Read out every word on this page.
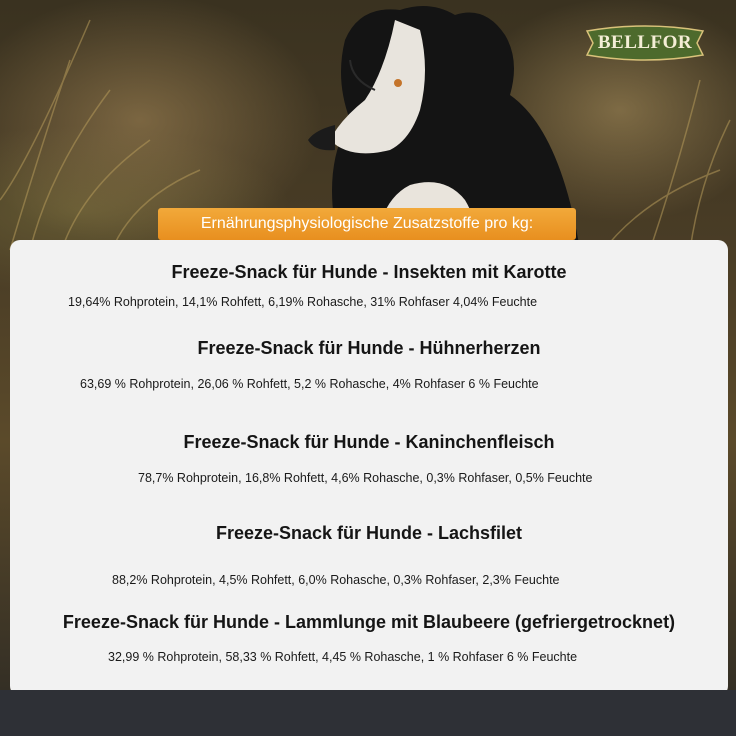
BELLFOR
Ernährungsphysiologische Zusatzstoffe pro kg:
Freeze-Snack für Hunde - Insekten mit Karotte
19,64% Rohprotein, 14,1% Rohfett, 6,19% Rohasche, 31% Rohfaser 4,04% Feuchte
Freeze-Snack für Hunde - Hühnerherzen
63,69 % Rohprotein, 26,06 % Rohfett, 5,2 % Rohasche, 4% Rohfaser 6 % Feuchte
Freeze-Snack für Hunde - Kaninchenfleisch
78,7% Rohprotein, 16,8% Rohfett, 4,6% Rohasche, 0,3% Rohfaser, 0,5% Feuchte
Freeze-Snack für Hunde - Lachsfilet
88,2% Rohprotein, 4,5% Rohfett, 6,0% Rohasche, 0,3% Rohfaser, 2,3% Feuchte
Freeze-Snack für Hunde - Lammlunge mit Blaubeere (gefriergetrocknet)
32,99 % Rohprotein, 58,33 % Rohfett, 4,45 % Rohasche, 1 % Rohfaser 6 % Feuchte
